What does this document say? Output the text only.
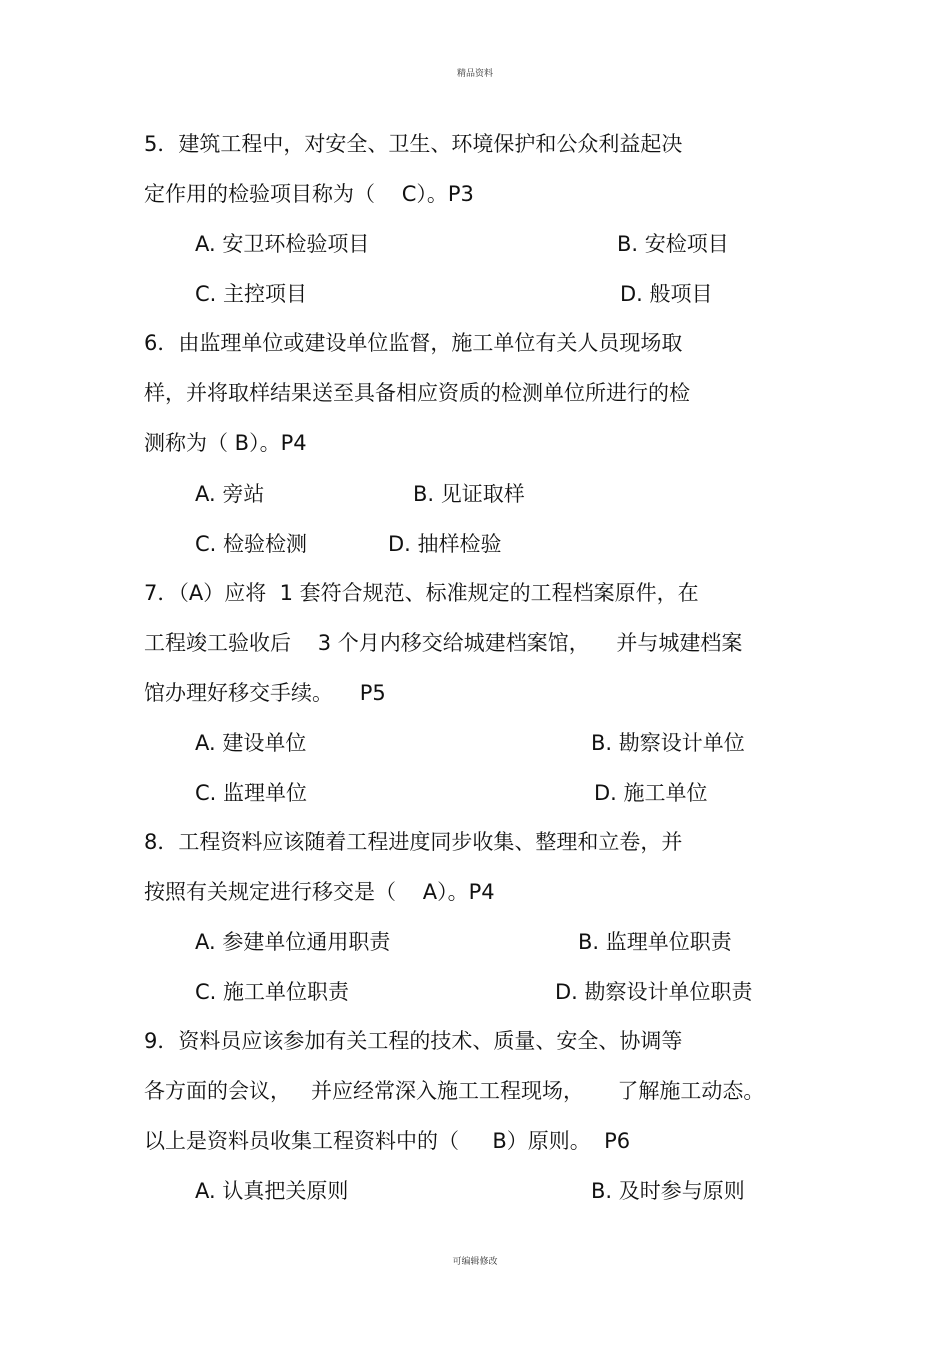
精品资料
5．建筑工程中，对安全、卫生、环境保护和公众利益起决
定作用的检验项目称为（    C）。P3
A. 安卫环检验项目	B. 安检项目
C. 主控项目	D. 般项目
6．由监理单位或建设单位监督，施工单位有关人员现场取
样，并将取样结果送至具备相应资质的检测单位所进行的检
测称为（ B）。P4
A. 旁站	B. 见证取样
C. 检验检测	D. 抽样检验
7．（A）应将  1 套符合规范、标准规定的工程档案原件，在
工程竣工验收后    3 个月内移交给城建档案馆，    并与城建档案
馆办理好移交手续。    P5
A. 建设单位	B. 勘察设计单位
C. 监理单位	D. 施工单位
8．工程资料应该随着工程进度同步收集、整理和立卷，并
按照有关规定进行移交是（    A）。P4
A. 参建单位通用职责	B. 监理单位职责
C. 施工单位职责	D. 勘察设计单位职责
9．资料员应该参加有关工程的技术、质量、安全、协调等
各方面的会议，   并应经常深入施工工程现场，     了解施工动态。
以上是资料员收集工程资料中的（     B）原则。  P6
A. 认真把关原则	B. 及时参与原则
可编辑修改
